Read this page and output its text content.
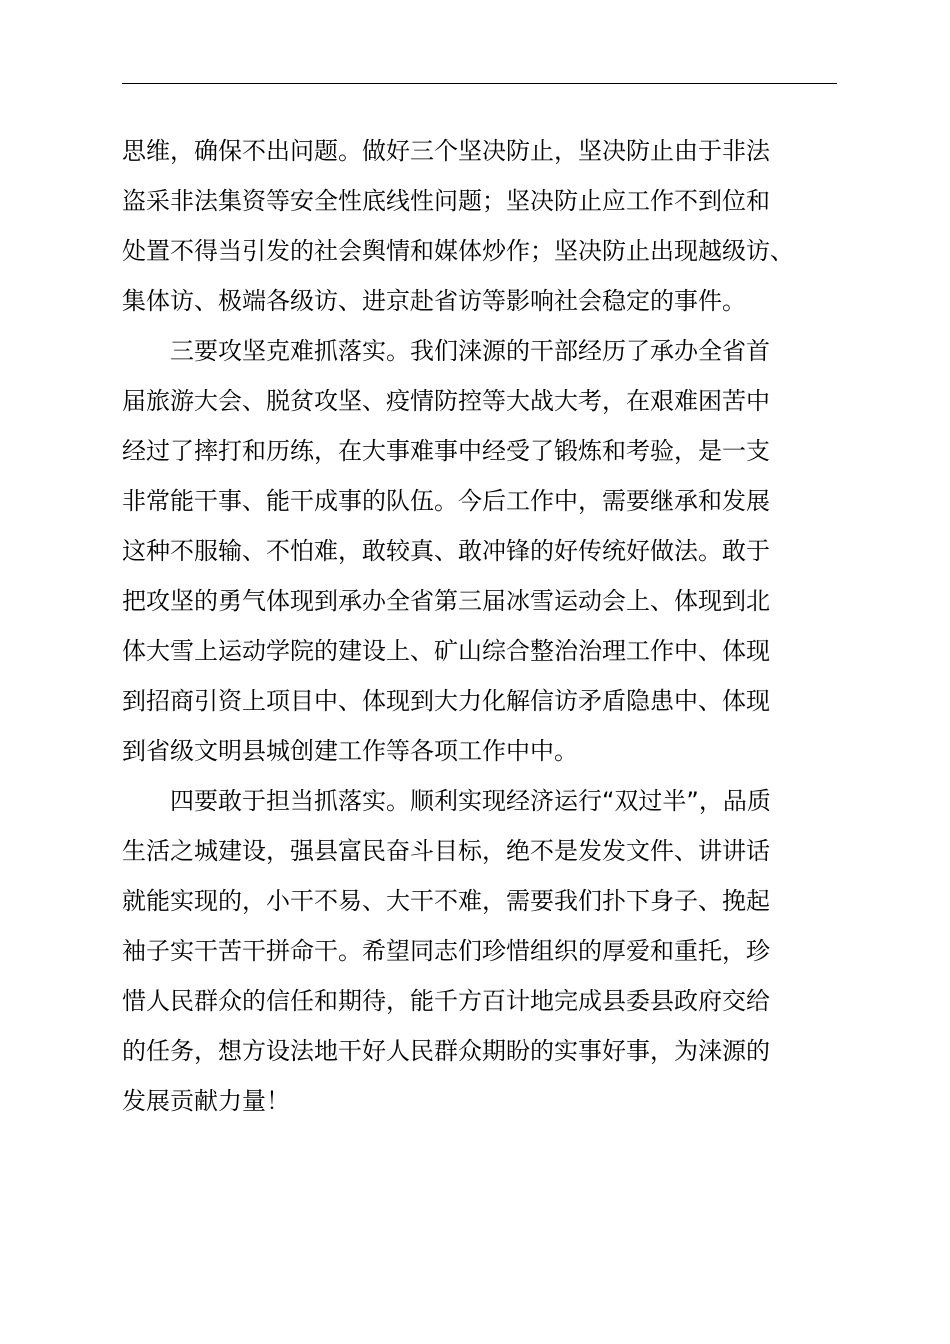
思维，确保不出问题。做好三个坚决防止，坚决防止由于非法
盗采非法集资等安全性底线性问题；坚决防止应工作不到位和
处置不得当引发的社会舆情和媒体炒作；坚决防止出现越级访、
集体访、极端各级访、进京赴省访等影响社会稳定的事件。
三要攻坚克难抓落实。我们涞源的干部经历了承办全省首
届旅游大会、脱贫攻坚、疫情防控等大战大考，在艰难困苦中
经过了摔打和历练，在大事难事中经受了锻炼和考验，是一支
非常能干事、能干成事的队伍。今后工作中，需要继承和发展
这种不服输、不怕难，敢较真、敢冲锋的好传统好做法。敢于
把攻坚的勇气体现到承办全省第三届冰雪运动会上、体现到北
体大雪上运动学院的建设上、矿山综合整治治理工作中、体现
到招商引资上项目中、体现到大力化解信访矛盾隐患中、体现
到省级文明县城创建工作等各项工作中中。
四要敢于担当抓落实。顺利实现经济运行“双过半”，品质
生活之城建设，强县富民奋斗目标，绝不是发发文件、讲讲话
就能实现的，小干不易、大干不难，需要我们扑下身子、挽起
袖子实干苦干拼命干。希望同志们珍惜组织的厚爱和重托，珍
惜人民群众的信任和期待，能千方百计地完成县委县政府交给
的任务，想方设法地干好人民群众期盼的实事好事，为涞源的
发展贡献力量！
